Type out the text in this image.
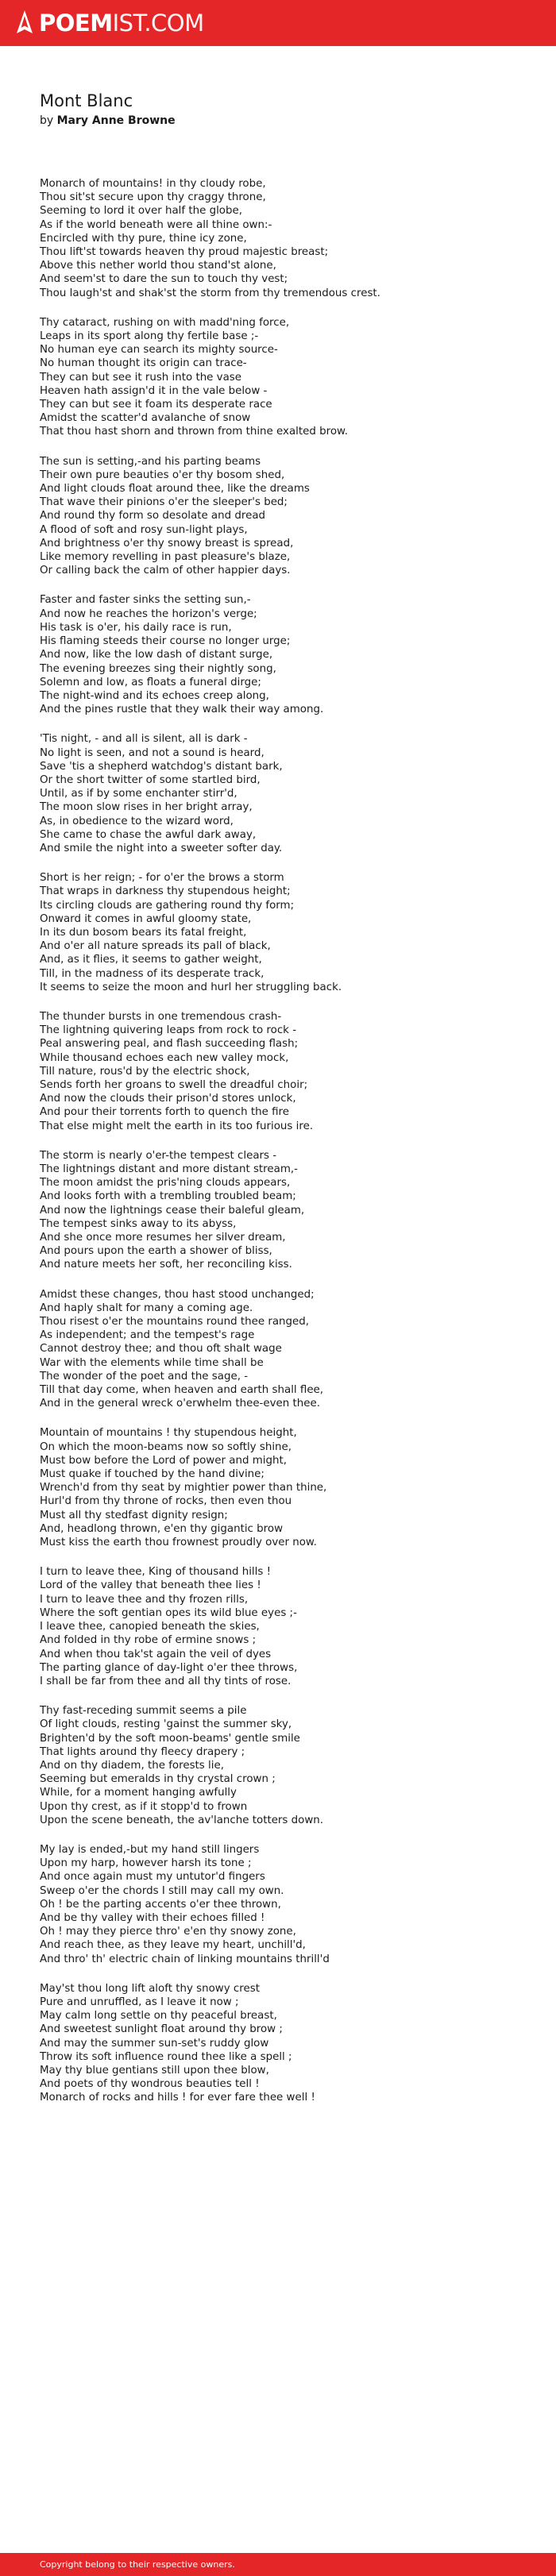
POEMIST.COM
Mont Blanc
by Mary Anne Browne

Monarch of mountains! in thy cloudy robe,
Thou sit'st secure upon thy craggy throne,
Seeming to lord it over half the globe,
As if the world beneath were all thine own:-
Encircled with thy pure, thine icy zone,
Thou lift'st towards heaven thy proud majestic breast;
Above this nether world thou stand'st alone,
And seem'st to dare the sun to touch thy vest;
Thou laugh'st and shak'st the storm from thy tremendous crest.

Thy cataract, rushing on with madd'ning force,
Leaps in its sport along thy fertile base ;-
No human eye can search its mighty source-
No human thought its origin can trace-
They can but see it rush into the vase
Heaven hath assign'd it in the vale below -
They can but see it foam its desperate race
Amidst the scatter'd avalanche of snow
That thou hast shorn and thrown from thine exalted brow.

The sun is setting,-and his parting beams
Their own pure beauties o'er thy bosom shed,
And light clouds float around thee, like the dreams
That wave their pinions o'er the sleeper's bed;
And round thy form so desolate and dread
A flood of soft and rosy sun-light plays,
And brightness o'er thy snowy breast is spread,
Like memory revelling in past pleasure's blaze,
Or calling back the calm of other happier days.

Faster and faster sinks the setting sun,-
And now he reaches the horizon's verge;
His task is o'er, his daily race is run,
His flaming steeds their course no longer urge;
And now, like the low dash of distant surge,
The evening breezes sing their nightly song,
Solemn and low, as floats a funeral dirge;
The night-wind and its echoes creep along,
And the pines rustle that they walk their way among.

'Tis night, - and all is silent, all is dark -
No light is seen, and not a sound is heard,
Save 'tis a shepherd watchdog's distant bark,
Or the short twitter of some startled bird,
Until, as if by some enchanter stirr'd,
The moon slow rises in her bright array,
As, in obedience to the wizard word,
She came to chase the awful dark away,
And smile the night into a sweeter softer day.

Short is her reign; - for o'er the brows a storm
That wraps in darkness thy stupendous height;
Its circling clouds are gathering round thy form;
Onward it comes in awful gloomy state,
In its dun bosom bears its fatal freight,
And o'er all nature spreads its pall of black,
And, as it flies, it seems to gather weight,
Till, in the madness of its desperate track,
It seems to seize the moon and hurl her struggling back.

The thunder bursts in one tremendous crash-
The lightning quivering leaps from rock to rock -
Peal answering peal, and flash succeeding flash;
While thousand echoes each new valley mock,
Till nature, rous'd by the electric shock,
Sends forth her groans to swell the dreadful choir;
And now the clouds their prison'd stores unlock,
And pour their torrents forth to quench the fire
That else might melt the earth in its too furious ire.

The storm is nearly o'er-the tempest clears -
The lightnings distant and more distant stream,-
The moon amidst the pris'ning clouds appears,
And looks forth with a trembling troubled beam;
And now the lightnings cease their baleful gleam,
The tempest sinks away to its abyss,
And she once more resumes her silver dream,
And pours upon the earth a shower of bliss,
And nature meets her soft, her reconciling kiss.

Amidst these changes, thou hast stood unchanged;
And haply shalt for many a coming age.
Thou risest o'er the mountains round thee ranged,
As independent; and the tempest's rage
Cannot destroy thee; and thou oft shalt wage
War with the elements while time shall be
The wonder of the poet and the sage, -
Till that day come, when heaven and earth shall flee,
And in the general wreck o'erwhelm thee-even thee.

Mountain of mountains ! thy stupendous height,
On which the moon-beams now so softly shine,
Must bow before the Lord of power and might,
Must quake if touched by the hand divine;
Wrench'd from thy seat by mightier power than thine,
Hurl'd from thy throne of rocks, then even thou
Must all thy stedfast dignity resign;
And, headlong thrown, e'en thy gigantic brow
Must kiss the earth thou frownest proudly over now.

I turn to leave thee, King of thousand hills !
Lord of the valley that beneath thee lies !
I turn to leave thee and thy frozen rills,
Where the soft gentian opes its wild blue eyes ;-
I leave thee, canopied beneath the skies,
And folded in thy robe of ermine snows ;
And when thou tak'st again the veil of dyes
The parting glance of day-light o'er thee throws,
I shall be far from thee and all thy tints of rose.

Thy fast-receding summit seems a pile
Of light clouds, resting 'gainst the summer sky,
Brighten'd by the soft moon-beams' gentle smile
That lights around thy fleecy drapery ;
And on thy diadem, the forests lie,
Seeming but emeralds in thy crystal crown ;
While, for a moment hanging awfully
Upon thy crest, as if it stopp'd to frown
Upon the scene beneath, the av'lanche totters down.

My lay is ended,-but my hand still lingers
Upon my harp, however harsh its tone ;
And once again must my untutor'd fingers
Sweep o'er the chords I still may call my own.
Oh ! be the parting accents o'er thee thrown,
And be thy valley with their echoes filled !
Oh ! may they pierce thro' e'en thy snowy zone,
And reach thee, as they leave my heart, unchill'd,
And thro' th' electric chain of linking mountains thrill'd

May'st thou long lift aloft thy snowy crest
Pure and unruffled, as I leave it now ;
May calm long settle on thy peaceful breast,
And sweetest sunlight float around thy brow ;
And may the summer sun-set's ruddy glow
Throw its soft influence round thee like a spell ;
May thy blue gentians still upon thee blow,
And poets of thy wondrous beauties tell !
Monarch of rocks and hills ! for ever fare thee well !

Copyright belong to their respective owners.
